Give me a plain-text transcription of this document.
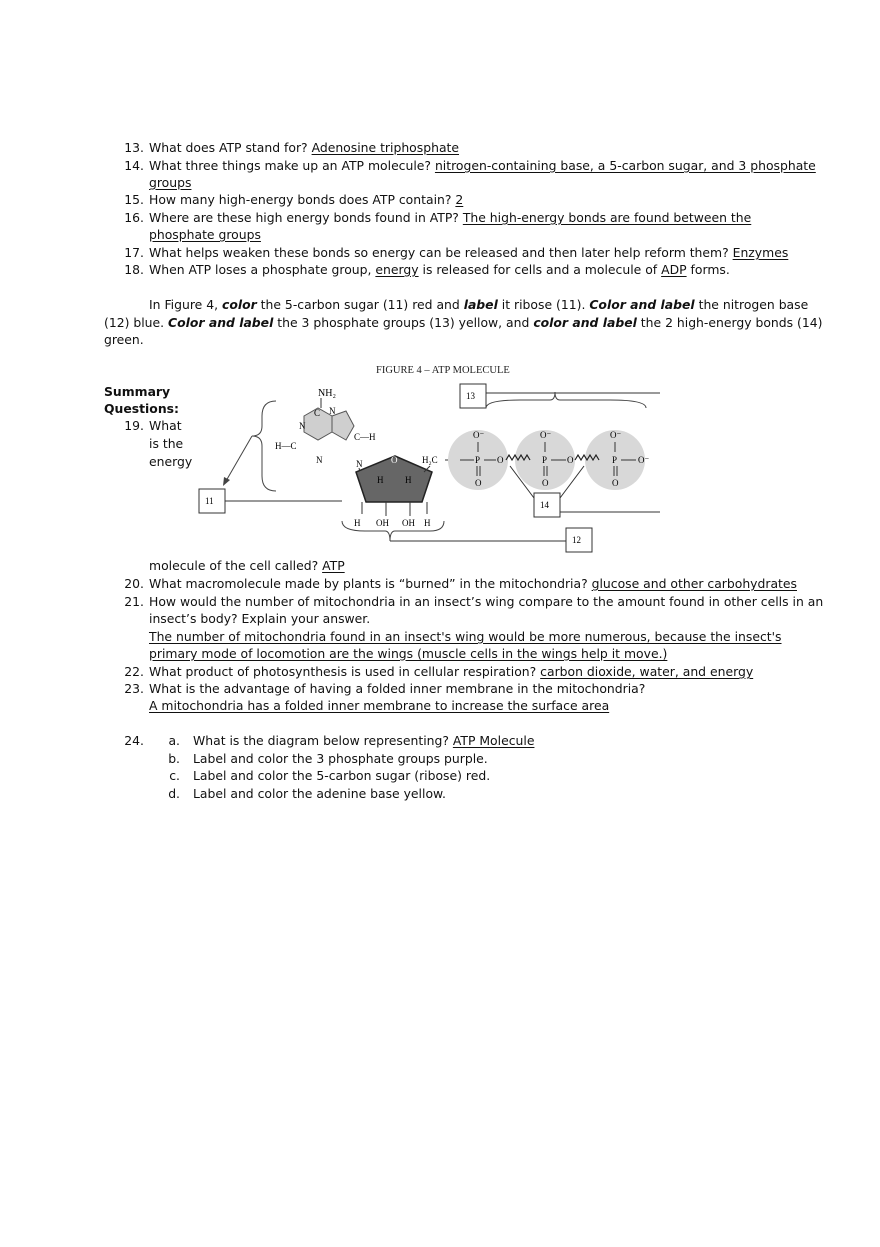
13. What does ATP stand for? Adenosine triphosphate
14. What three things make up an ATP molecule? nitrogen-containing base, a 5-carbon sugar, and 3 phosphate
groups
15. How many high-energy bonds does ATP contain? 2
16. Where are these high energy bonds found in ATP? The high-energy bonds are found between the
phosphate groups
17. What helps weaken these bonds so energy can be released and then later help reform them? Enzymes
18. When ATP loses a phosphate group, energy is released for cells and a molecule of ADP forms.
In Figure 4, color the 5-carbon sugar (11) red and label it ribose (11). Color and label the nitrogen base
(12) blue. Color and label the 3 phosphate groups (13) yellow, and color and label the 2 high-energy bonds (14)
green.
Summary
Questions:
19. What
is the
energy
molecule of the cell called? ATP
FIGURE 4 – ATP MOLECULE
11
NH₂
N
C N
C—H
H—C
N	N	O
H H
H	H
OH OH
H₂C	P	P	P
O⁻	O⁻	O⁻
O	O	O
O	O	O⁻
13
14
12
20. What macromolecule made by plants is “burned” in the mitochondria? glucose and other carbohydrates
21. How would the number of mitochondria in an insect’s wing compare to the amount found in other cells in an
insect’s body? Explain your answer.
The number of mitochondria found in an insect's wing would be more numerous, because the insect's
primary mode of locomotion are the wings (muscle cells in the wings help it move.)
22. What product of photosynthesis is used in cellular respiration? carbon dioxide, water, and energy
23. What is the advantage of having a folded inner membrane in the mitochondria?
A mitochondria has a folded inner membrane to increase the surface area
24.	a. What is the diagram below representing? ATP Molecule
b. Label and color the 3 phosphate groups purple.
c. Label and color the 5-carbon sugar (ribose) red.
d. Label and color the adenine base yellow.
